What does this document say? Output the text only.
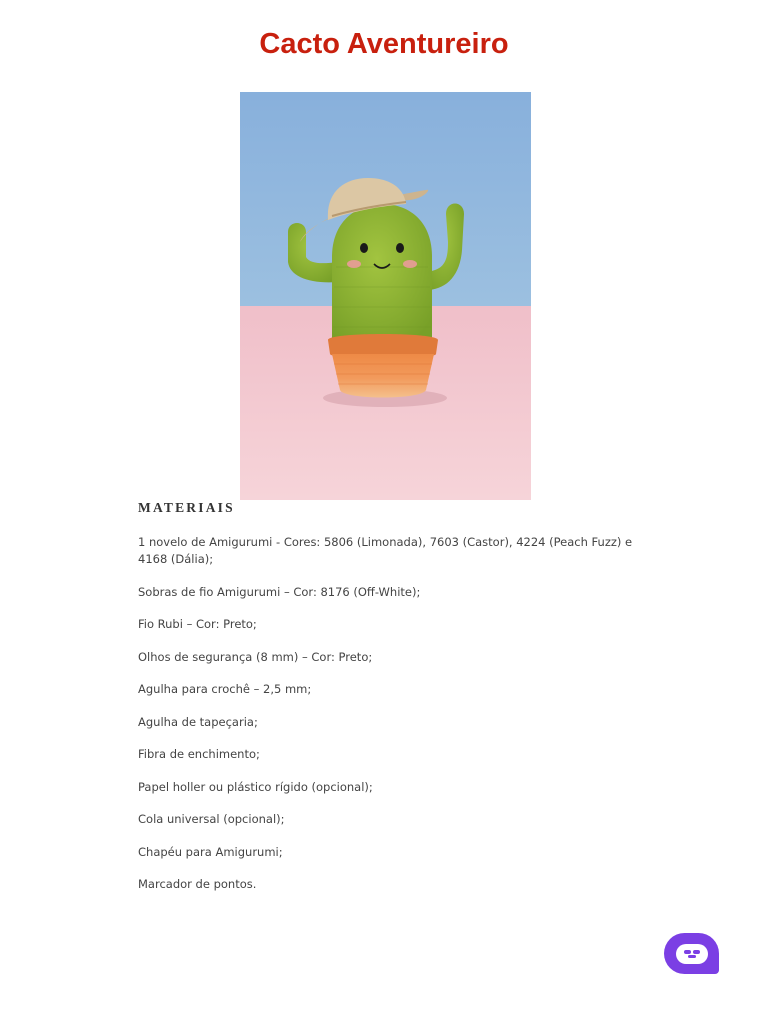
Cacto Aventureiro
MATERIAIS
1 novelo de Amigurumi - Cores: 5806 (Limonada), 7603 (Castor), 4224 (Peach Fuzz) e 4168 (Dália);
Sobras de fio Amigurumi – Cor: 8176 (Off-White);
Fio Rubi – Cor: Preto;
Olhos de segurança (8 mm) – Cor: Preto;
Agulha para crochê – 2,5 mm;
Agulha de tapeçaria;
Fibra de enchimento;
Papel holler ou plástico rígido (opcional);
Cola universal (opcional);
Chapéu para Amigurumi;
Marcador de pontos.
